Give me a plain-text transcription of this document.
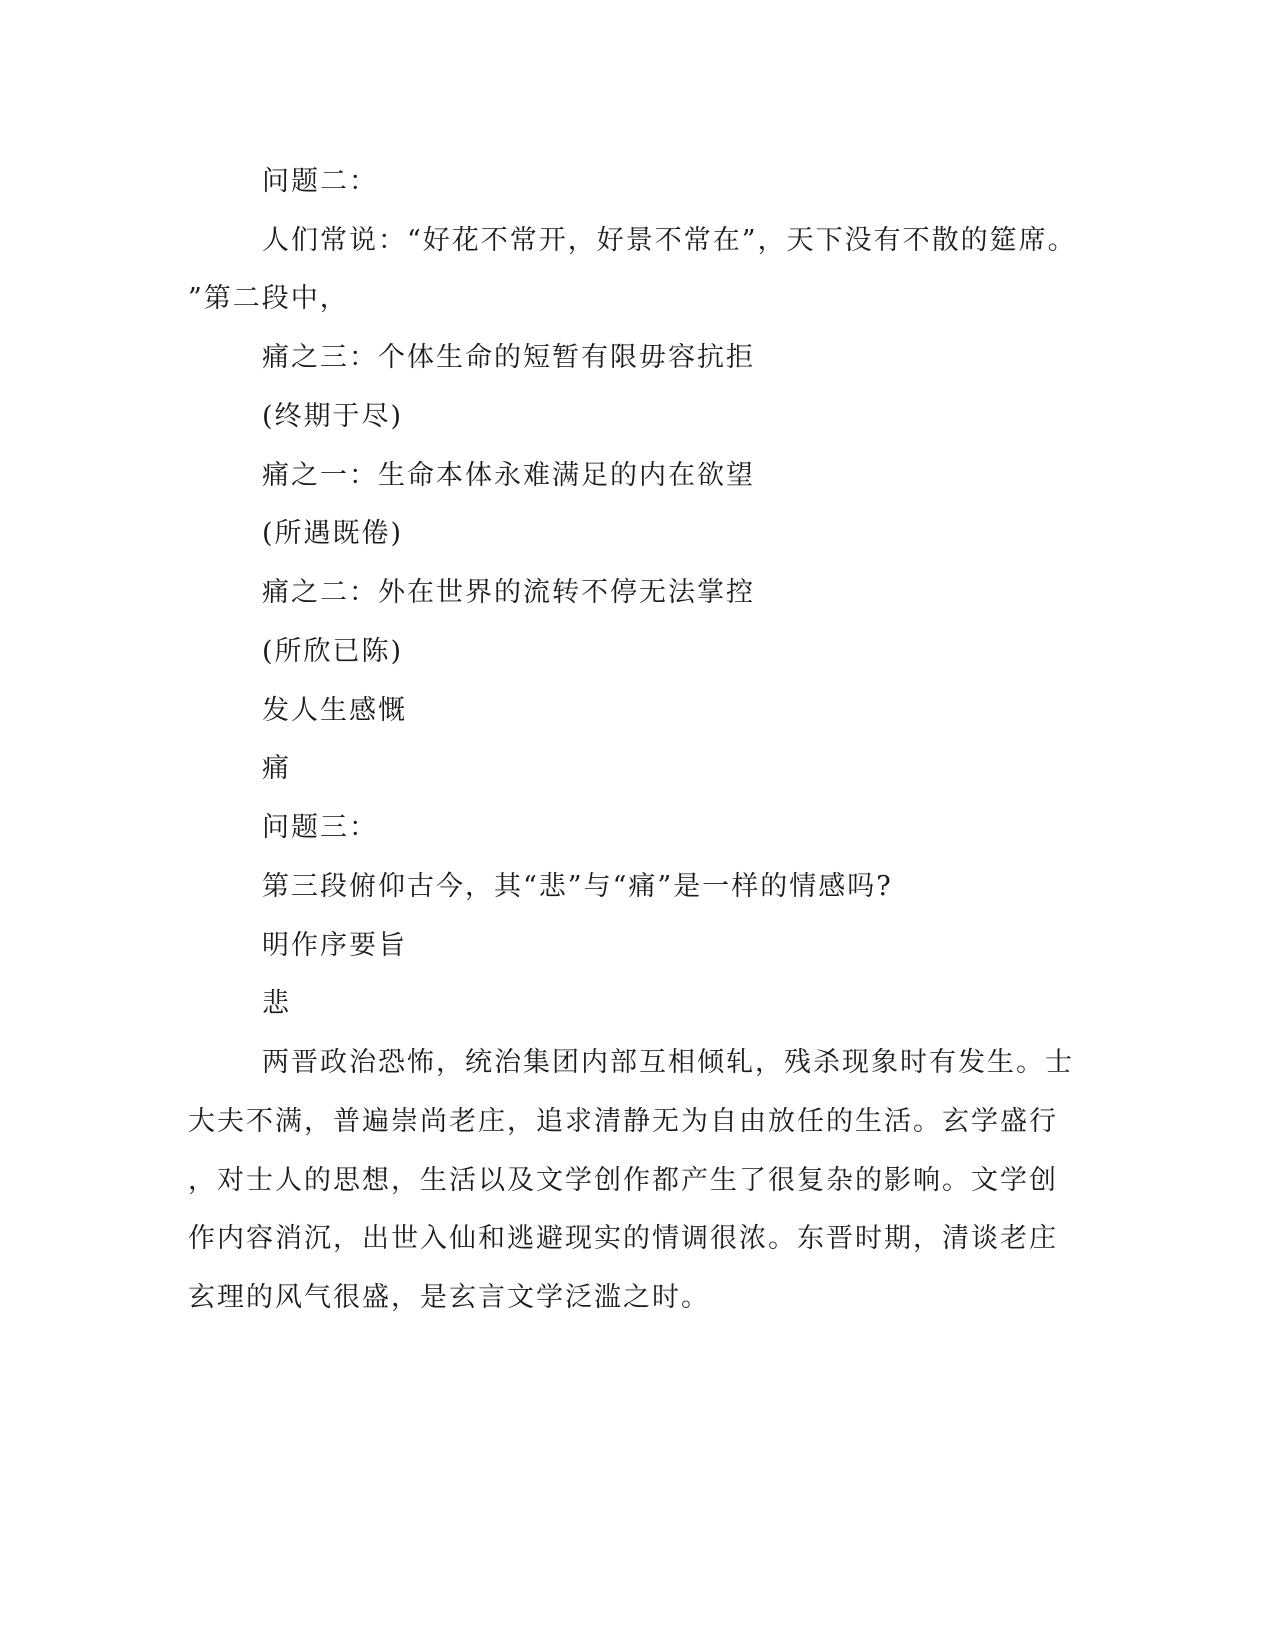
问题二：
人们常说：“好花不常开，好景不常在”，天下没有不散的筵席。
”第二段中，
痛之三：个体生命的短暂有限毋容抗拒
(终期于尽)
痛之一：生命本体永难满足的内在欲望
(所遇既倦)
痛之二：外在世界的流转不停无法掌控
(所欣已陈)
发人生感慨
痛
问题三：
第三段俯仰古今，其“悲”与“痛”是一样的情感吗?
明作序要旨
悲
两晋政治恐怖，统治集团内部互相倾轧，残杀现象时有发生。士
大夫不满，普遍崇尚老庄，追求清静无为自由放任的生活。玄学盛行
，对士人的思想，生活以及文学创作都产生了很复杂的影响。文学创
作内容消沉，出世入仙和逃避现实的情调很浓。东晋时期，清谈老庄
玄理的风气很盛，是玄言文学泛滥之时。
